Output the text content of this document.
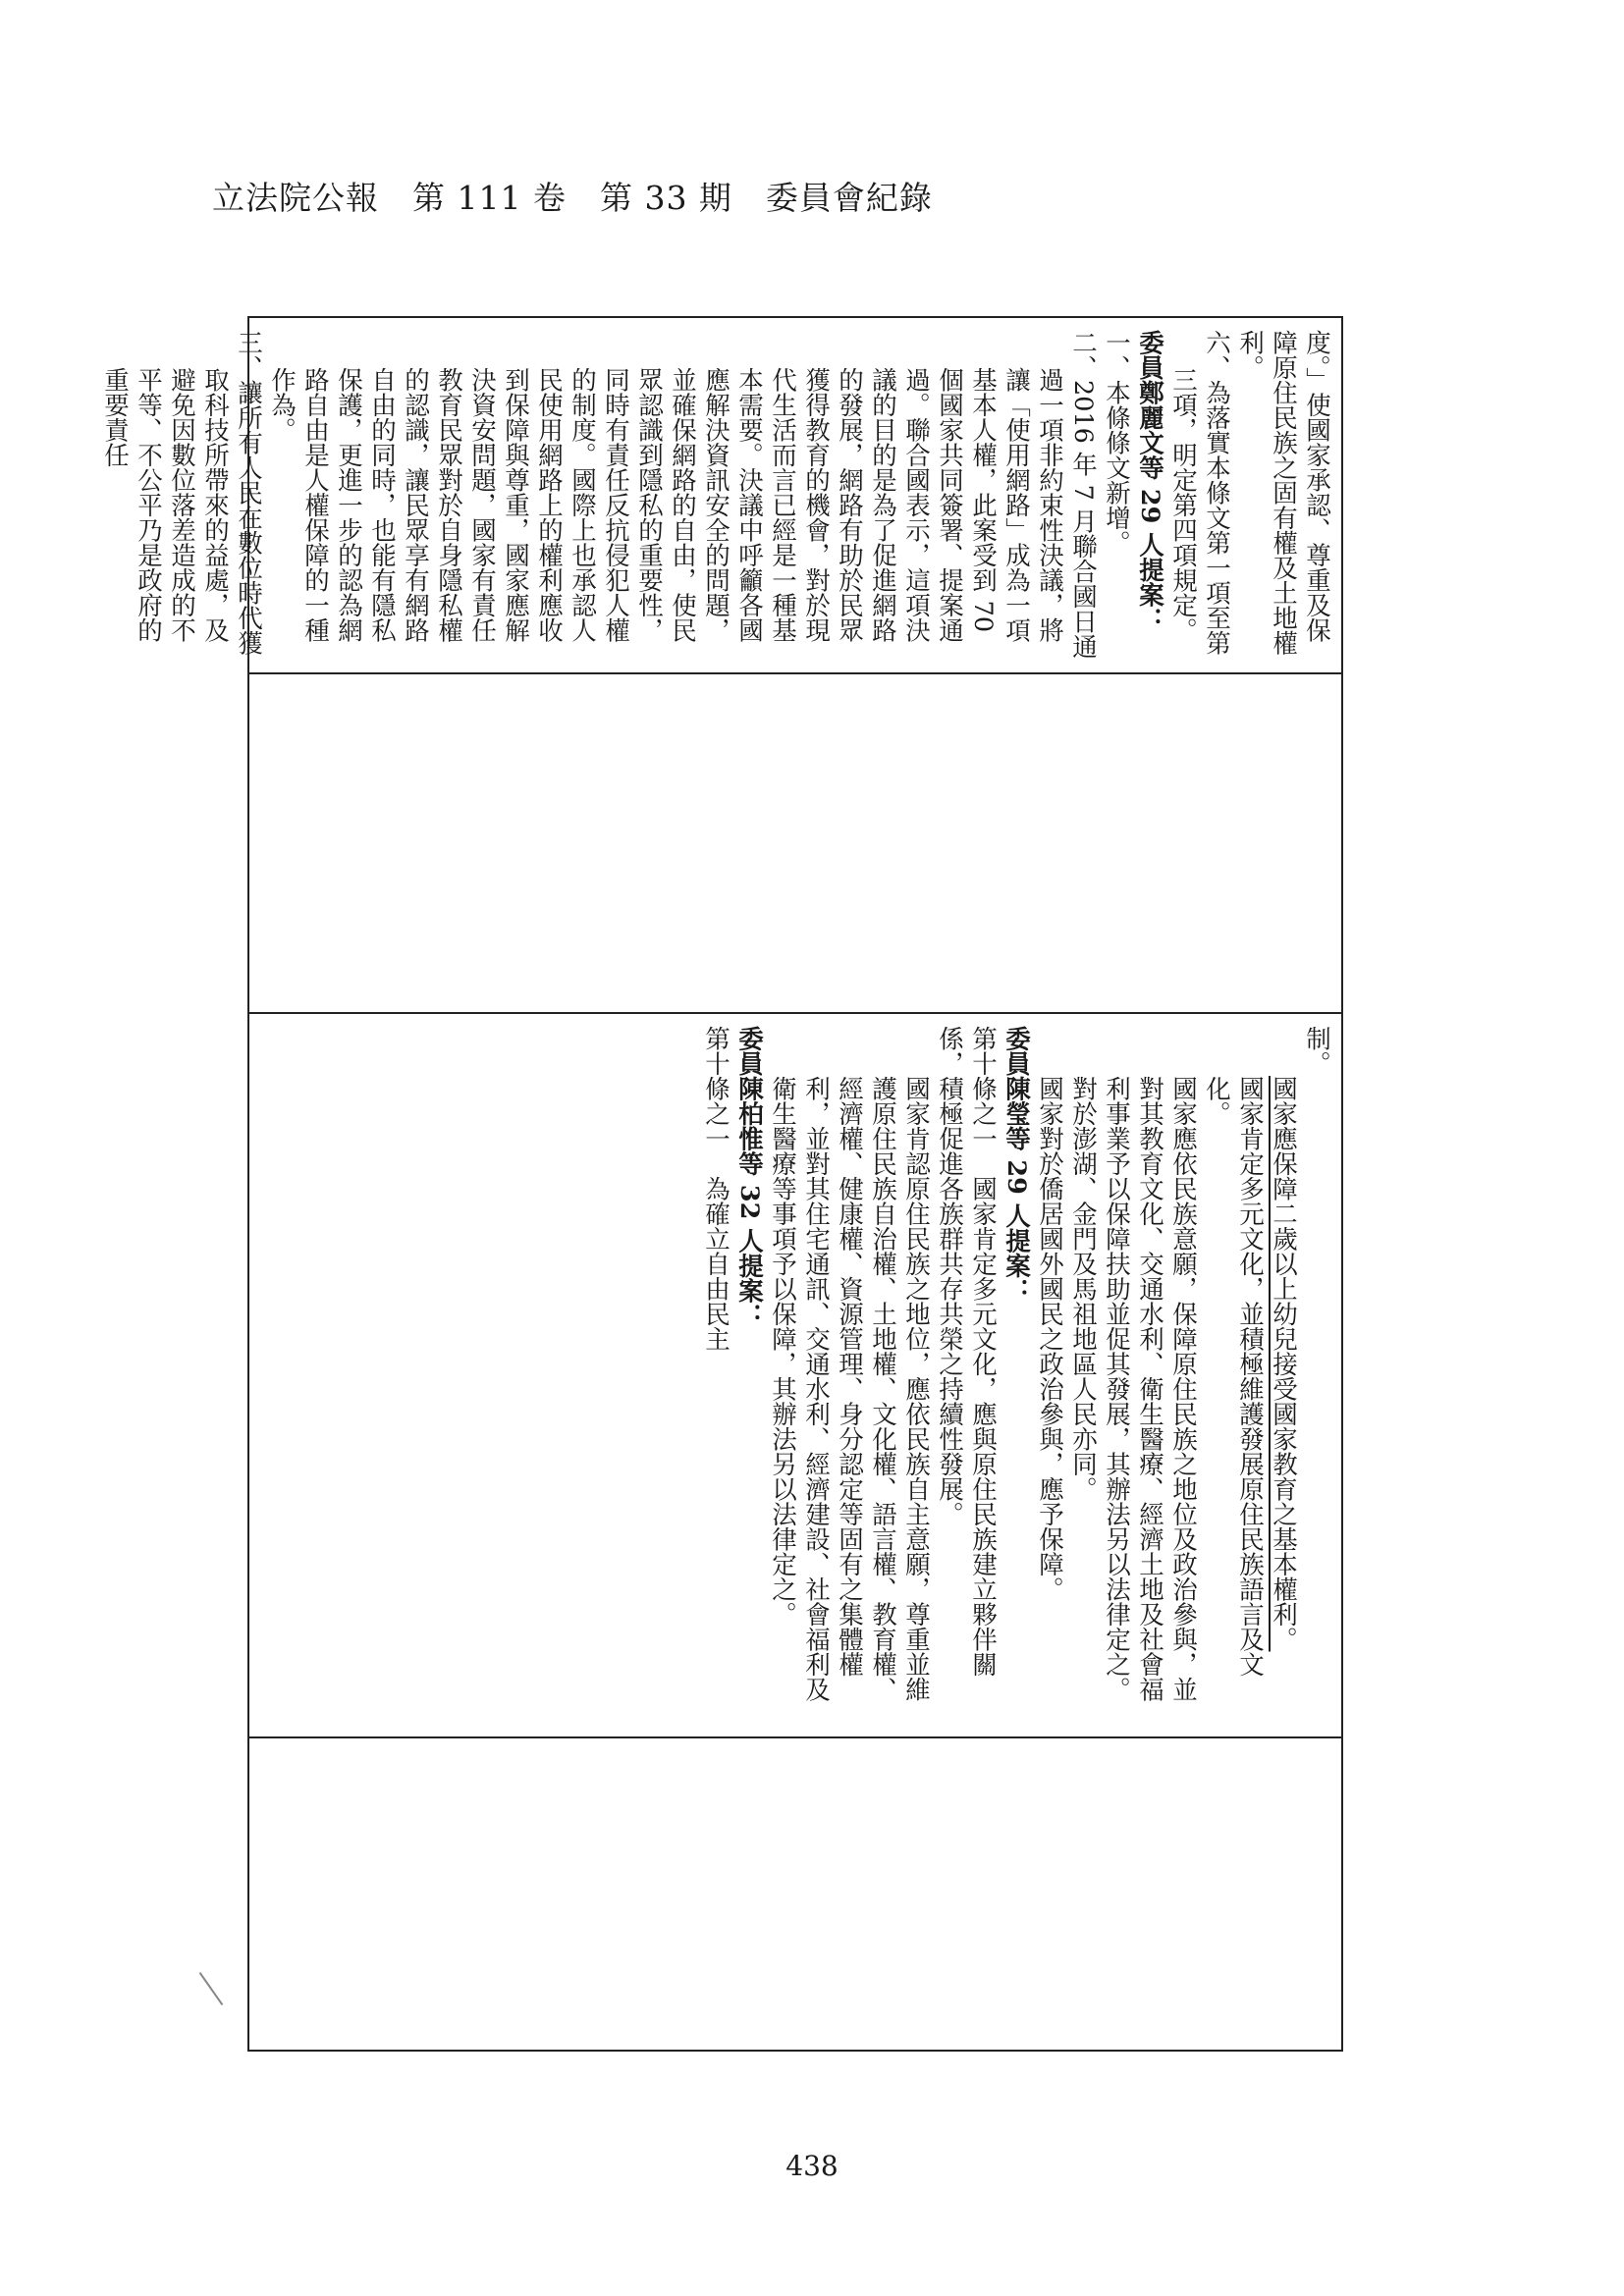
立法院公報　第 111 卷　第 33 期　委員會紀錄

度。」使國家承認、尊重及保障原住民族之固有權及土地權利。

六、為落實本條文第一項至第三項，明定第四項規定。

委員鄭麗文等 29 人提案：

一、本條條文新增。

二、2016 年 7 月聯合國日通過一項非約束性決議，將讓「使用網路」成為一項基本人權，此案受到 70 個國家共同簽署、提案通過。聯合國表示，這項決議的目的是為了促進網路的發展，網路有助於民眾獲得教育的機會，對於現代生活而言已經是一種基本需要。決議中呼籲各國應解決資訊安全的問題，並確保網路的自由，使民眾認識到隱私的重要性，同時有責任反抗侵犯人權的制度。國際上也承認人民使用網路上的權利應收到保障與尊重，國家應解決資安問題，國家有責任教育民眾對於自身隱私權的認識，讓民眾享有網路自由的同時，也能有隱私保護，更進一步的認為網路自由是人權保障的一種作為。

三、讓所有人民在數位時代獲取科技所帶來的益處，及避免因數位落差造成的不平等、不公平乃是政府的重要責任

制。

國家應保障二歲以上幼兒接受國家教育之基本權利。

國家肯定多元文化，並積極維護發展原住民族語言及文化。

國家應依民族意願，保障原住民族之地位及政治參與，並對其教育文化、交通水利、衛生醫療、經濟土地及社會福利事業予以保障扶助並促其發展，其辦法另以法律定之。對於澎湖、金門及馬祖地區人民亦同。

國家對於僑居國外國民之政治參與，應予保障。

委員陳瑩等 29 人提案：

第十條之一　國家肯定多元文化，應與原住民族建立夥伴關係，積極促進各族群共存共榮之持續性發展。

國家肯認原住民族之地位，應依民族自主意願，尊重並維護原住民族自治權、土地權、文化權、語言權、教育權、經濟權、健康權、資源管理、身分認定等固有之集體權利，並對其住宅通訊、交通水利、經濟建設、社會福利及衛生醫療等事項予以保障，其辦法另以法律定之。

委員陳柏惟等 32 人提案：

第十條之一　為確立自由民主

438
